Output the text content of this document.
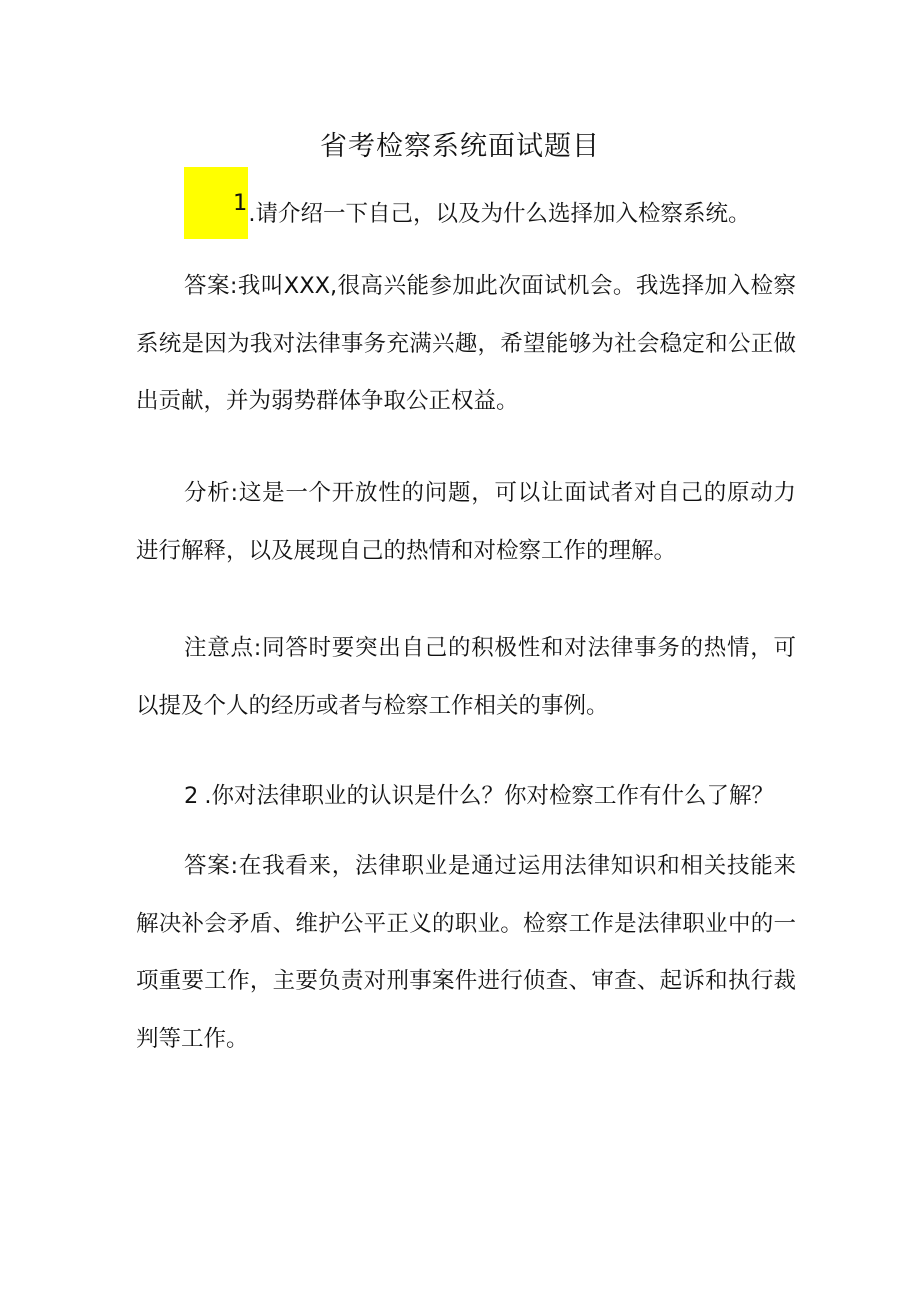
省考检察系统面试题目
1.请介绍一下自己，以及为什么选择加入检察系统。
答案:我叫XXX,很高兴能参加此次面试机会。我选择加入检察系统是因为我对法律事务充满兴趣，希望能够为社会稳定和公正做出贡献，并为弱势群体争取公正权益。
分析:这是一个开放性的问题，可以让面试者对自己的原动力进行解释，以及展现自己的热情和对检察工作的理解。
注意点:同答时要突出自己的积极性和对法律事务的热情，可以提及个人的经历或者与检察工作相关的事例。
2.你对法律职业的认识是什么？你对检察工作有什么了解？
答案:在我看来，法律职业是通过运用法律知识和相关技能来解决补会矛盾、维护公平正义的职业。检察工作是法律职业中的一项重要工作，主要负责对刑事案件进行侦查、审查、起诉和执行裁判等工作。
